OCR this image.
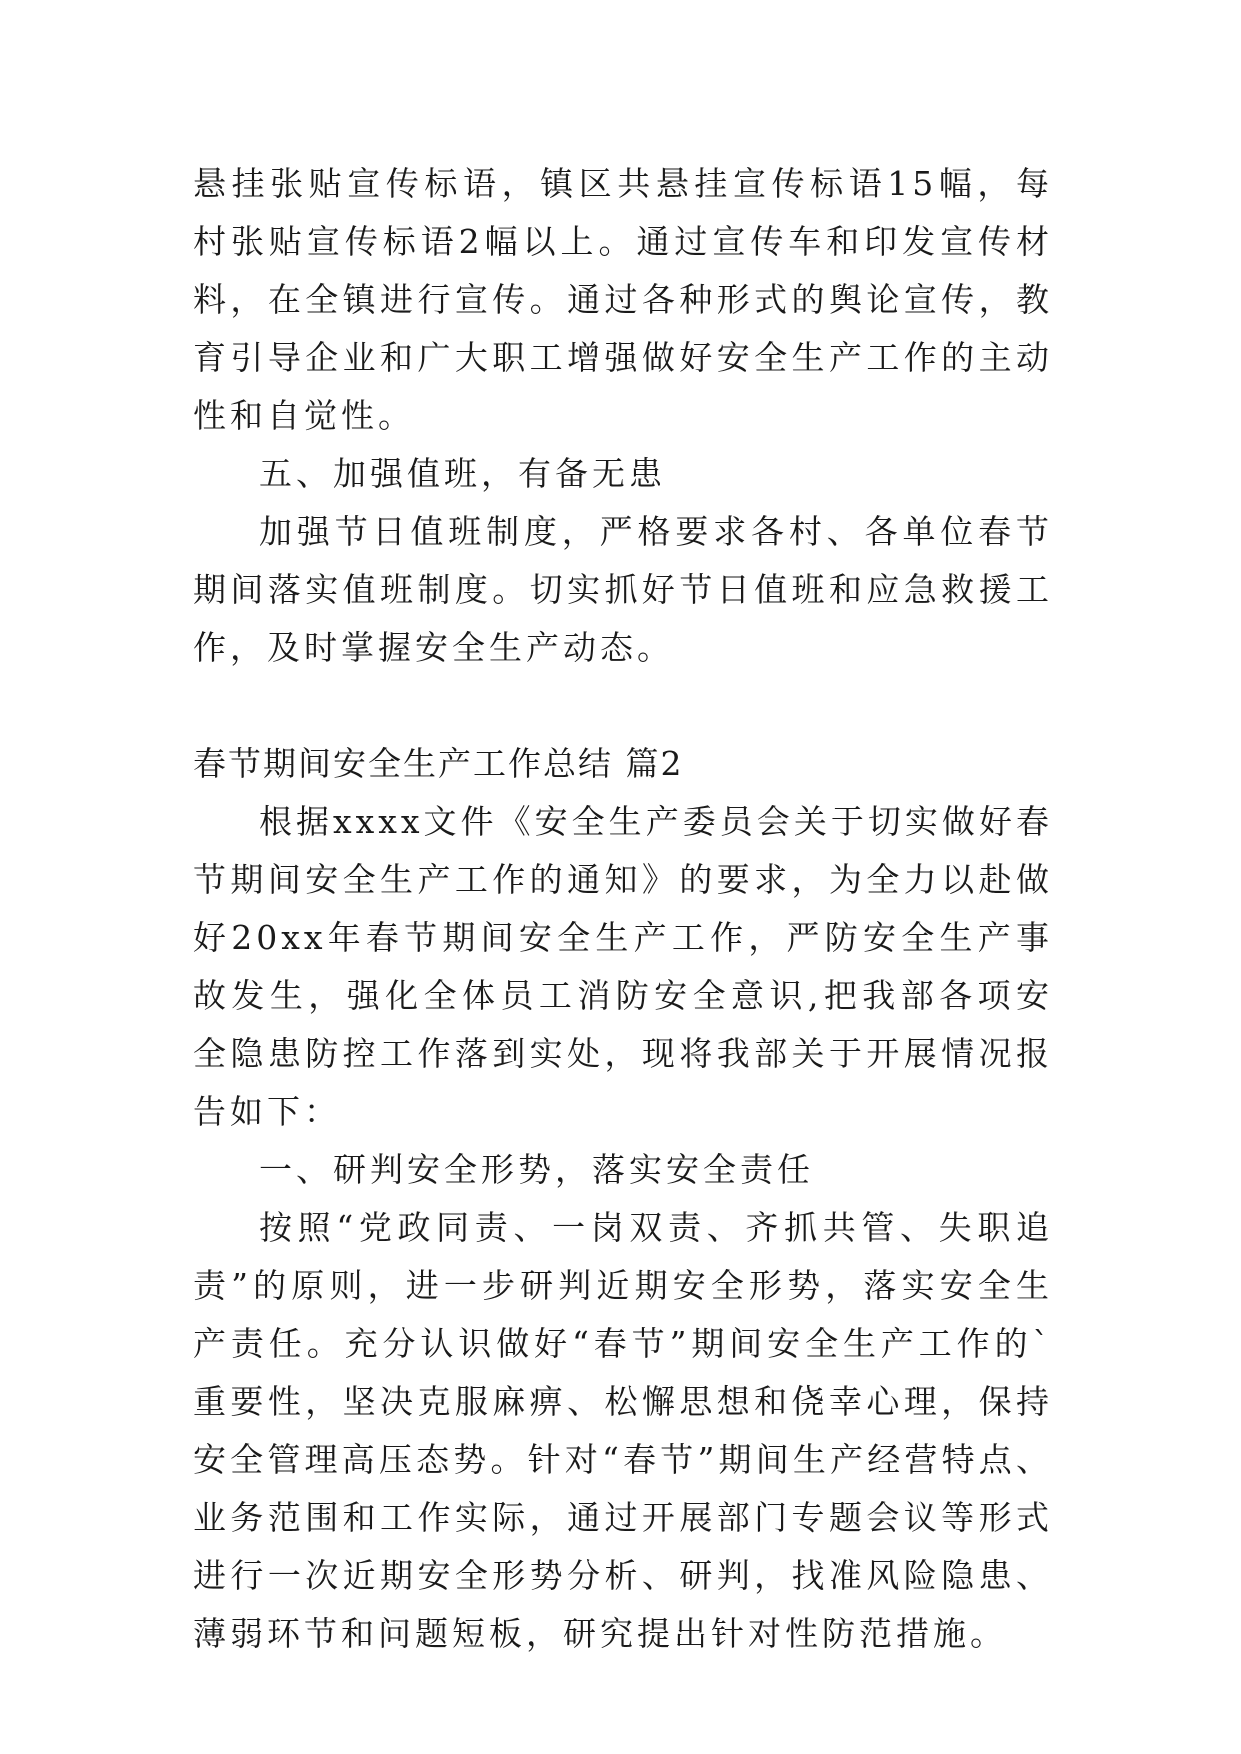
悬挂张贴宣传标语，镇区共悬挂宣传标语15幅，每村张贴宣传标语2幅以上。通过宣传车和印发宣传材料，在全镇进行宣传。通过各种形式的舆论宣传，教育引导企业和广大职工增强做好安全生产工作的主动性和自觉性。

五、加强值班，有备无患

加强节日值班制度，严格要求各村、各单位春节期间落实值班制度。切实抓好节日值班和应急救援工作，及时掌握安全生产动态。

春节期间安全生产工作总结 篇2

根据xxxx文件《安全生产委员会关于切实做好春节期间安全生产工作的通知》的要求，为全力以赴做好20xx年春节期间安全生产工作，严防安全生产事故发生，强化全体员工消防安全意识,把我部各项安全隐患防控工作落到实处，现将我部关于开展情况报告如下：

一、研判安全形势，落实安全责任

按照“党政同责、一岗双责、齐抓共管、失职追责”的原则，进一步研判近期安全形势，落实安全生产责任。充分认识做好“春节”期间安全生产工作的`重要性，坚决克服麻痹、松懈思想和侥幸心理，保持安全管理高压态势。针对“春节”期间生产经营特点、业务范围和工作实际，通过开展部门专题会议等形式进行一次近期安全形势分析、研判，找准风险隐患、薄弱环节和问题短板，研究提出针对性防范措施。
